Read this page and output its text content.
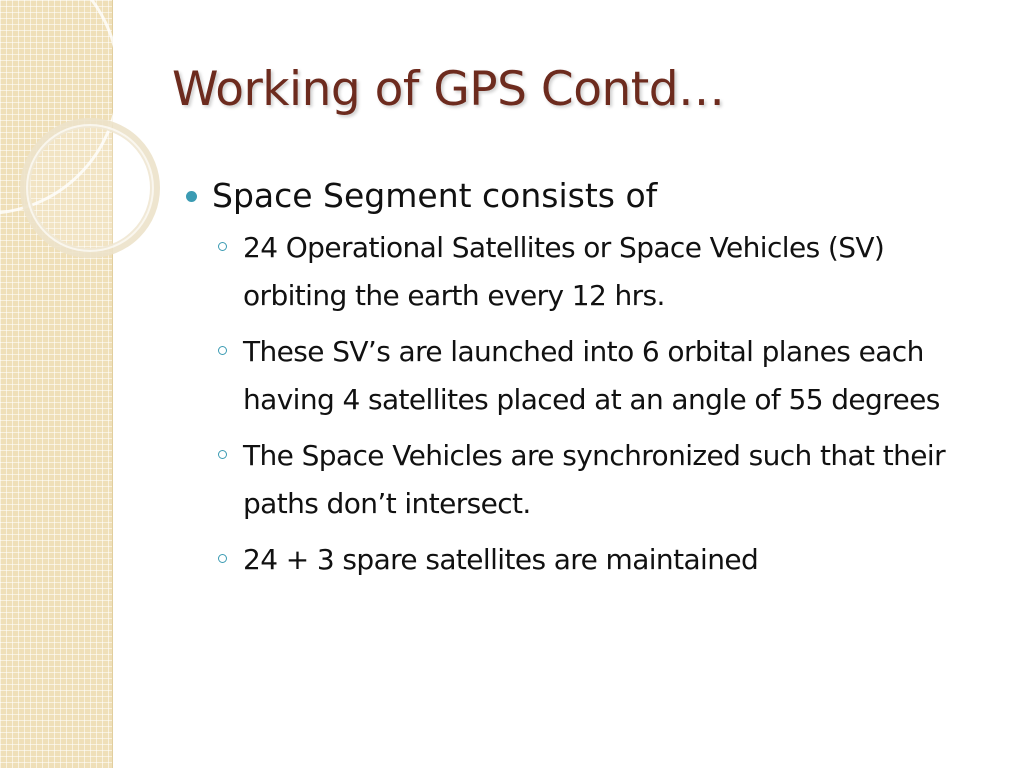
Working of GPS Contd…
Space Segment consists of
24 Operational Satellites or Space Vehicles (SV) orbiting the earth every 12 hrs.
These SV’s are launched into 6 orbital planes each having 4 satellites placed at an angle of 55 degrees
The Space Vehicles are synchronized such that their paths don’t intersect.
24 + 3 spare satellites are maintained
